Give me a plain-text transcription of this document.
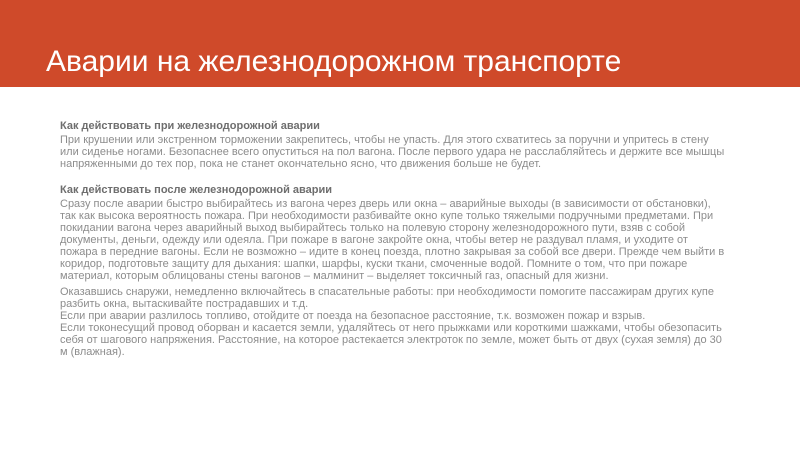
Аварии на железнодорожном транспорте

Как действовать при железнодорожной аварии

При крушении или экстренном торможении закрепитесь, чтобы не упасть. Для этого схватитесь за поручни и упритесь в стену или сиденье ногами. Безопаснее всего опуститься на пол вагона. После первого удара не расслабляйтесь и держите все мышцы напряженными до тех пор, пока не станет окончательно ясно, что движения больше не будет.

Как действовать после железнодорожной аварии

Сразу после аварии быстро выбирайтесь из вагона через дверь или окна – аварийные выходы (в зависимости от обстановки), так как высока вероятность пожара. При необходимости разбивайте окно купе только тяжелыми подручными предметами. При покидании вагона через аварийный выход выбирайтесь только на полевую сторону железнодорожного пути, взяв с собой документы, деньги, одежду или одеяла. При пожаре в вагоне закройте окна, чтобы ветер не раздувал пламя, и уходите от пожара в передние вагоны. Если не возможно – идите в конец поезда, плотно закрывая за собой все двери. Прежде чем выйти в коридор, подготовьте защиту для дыхания: шапки, шарфы, куски ткани, смоченные водой. Помните о том, что при пожаре материал, которым облицованы стены вагонов – малминит – выделяет токсичный газ, опасный для жизни.

Оказавшись снаружи, немедленно включайтесь в спасательные работы: при необходимости помогите пассажирам других купе разбить окна, вытаскивайте пострадавших и т.д.

Если при аварии разлилось топливо, отойдите от поезда на безопасное расстояние, т.к. возможен пожар и взрыв.

Если токонесущий провод оборван и касается земли, удаляйтесь от него прыжками или короткими шажками, чтобы обезопасить себя от шагового напряжения. Расстояние, на которое растекается электроток по земле, может быть от двух (сухая земля) до 30 м (влажная).
